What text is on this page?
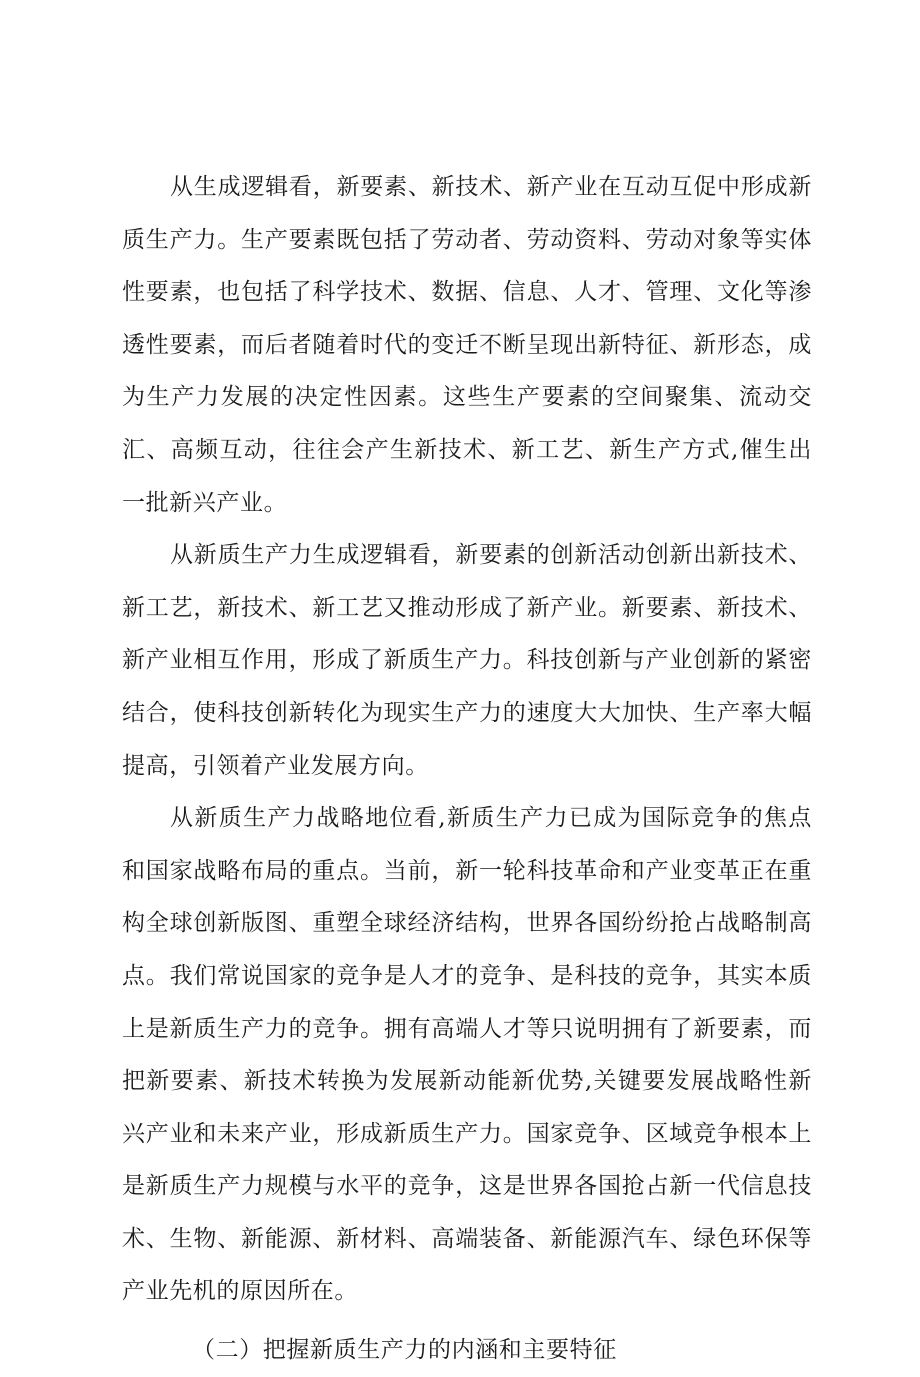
从生成逻辑看，新要素、新技术、新产业在互动互促中形成新质生产力。生产要素既包括了劳动者、劳动资料、劳动对象等实体性要素，也包括了科学技术、数据、信息、人才、管理、文化等渗透性要素，而后者随着时代的变迁不断呈现出新特征、新形态，成为生产力发展的决定性因素。这些生产要素的空间聚集、流动交汇、高频互动，往往会产生新技术、新工艺、新生产方式,催生出一批新兴产业。

从新质生产力生成逻辑看，新要素的创新活动创新出新技术、新工艺，新技术、新工艺又推动形成了新产业。新要素、新技术、新产业相互作用，形成了新质生产力。科技创新与产业创新的紧密结合，使科技创新转化为现实生产力的速度大大加快、生产率大幅提高，引领着产业发展方向。

从新质生产力战略地位看,新质生产力已成为国际竞争的焦点和国家战略布局的重点。当前，新一轮科技革命和产业变革正在重构全球创新版图、重塑全球经济结构，世界各国纷纷抢占战略制高点。我们常说国家的竞争是人才的竞争、是科技的竞争，其实本质上是新质生产力的竞争。拥有高端人才等只说明拥有了新要素，而把新要素、新技术转换为发展新动能新优势,关键要发展战略性新兴产业和未来产业，形成新质生产力。国家竞争、区域竞争根本上是新质生产力规模与水平的竞争，这是世界各国抢占新一代信息技术、生物、新能源、新材料、高端装备、新能源汽车、绿色环保等产业先机的原因所在。

（二）把握新质生产力的内涵和主要特征
